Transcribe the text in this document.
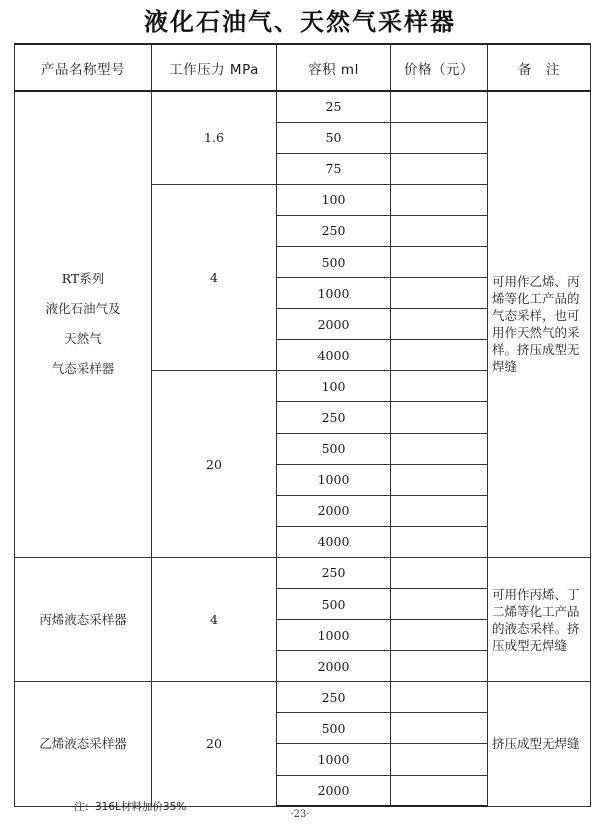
液化石油气、天然气采样器
产品名称型号	工作压力 MPa	容积 ml	价格（元）	备　注

RT系列
液化石油气及
天然气
气态采样器	1.6	25		可用作乙烯、丙烯等化工产品的气态采样，也可用作天然气的采样。挤压成型无焊缝
		50		
		75		
	4	100		
		250		
		500		
		1000		
		2000		
		4000		
	20	100		
		250		
		500		
		1000		
		2000		
		4000		

丙烯液态采样器	4	250		可用作丙烯、丁二烯等化工产品的液态采样。挤压成型无焊缝
		500		
		1000		
		2000		

乙烯液态采样器	20	250		挤压成型无焊缝
		500		
		1000		
		2000		
注：316L材料加价35%
·23·
